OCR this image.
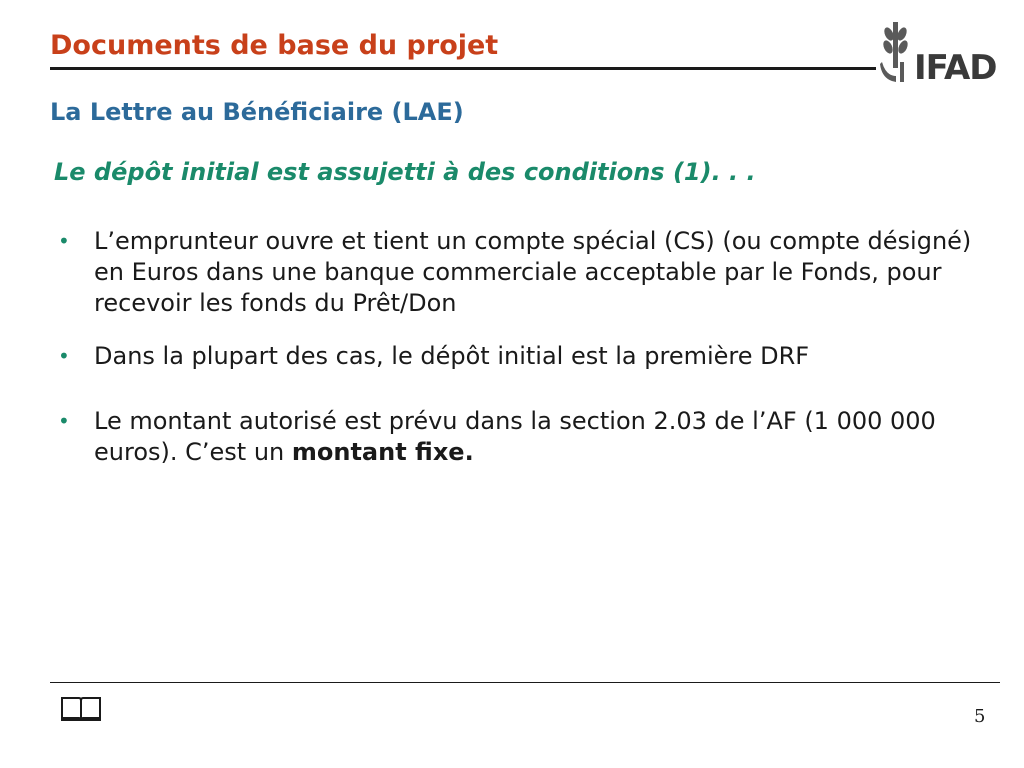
Documents de base du projet
IFAD
La Lettre au Bénéficiaire (LAE)
Le dépôt initial est assujetti à des conditions (1). . .
• L’emprunteur ouvre et tient un compte spécial (CS) (ou compte désigné) en Euros dans une banque commerciale acceptable par le Fonds, pour recevoir les fonds du Prêt/Don
• Dans la plupart des cas, le dépôt initial est la première DRF
• Le montant autorisé est prévu dans la section 2.03 de l’AF (1 000 000 euros). C’est un montant fixe.
5
